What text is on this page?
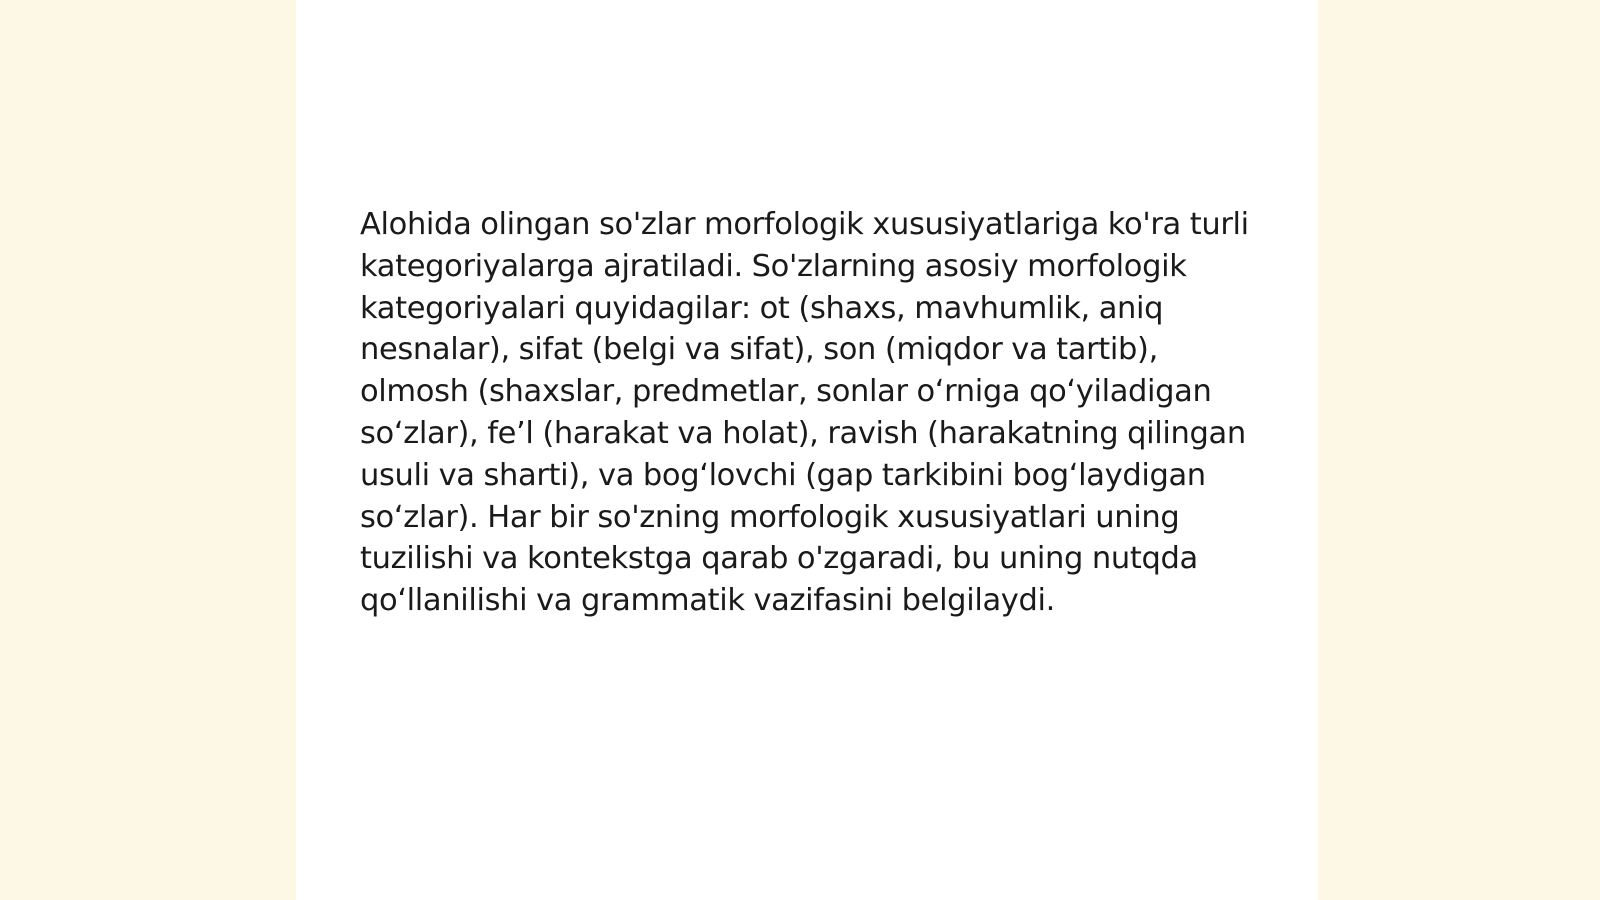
Alohida olingan so'zlar morfologik xususiyatlariga ko'ra turli kategoriyalarga ajratiladi. So'zlarning asosiy morfologik kategoriyalari quyidagilar: ot (shaxs, mavhumlik, aniq nesnalar), sifat (belgi va sifat), son (miqdor va tartib), olmosh (shaxslar, predmetlar, sonlar o‘rniga qo‘yiladigan so‘zlar), fe’l (harakat va holat), ravish (harakatning qilingan usuli va sharti), va bog‘lovchi (gap tarkibini bog‘laydigan so‘zlar). Har bir so'zning morfologik xususiyatlari uning tuzilishi va kontekstga qarab o'zgaradi, bu uning nutqda qo‘llanilishi va grammatik vazifasini belgilaydi.
